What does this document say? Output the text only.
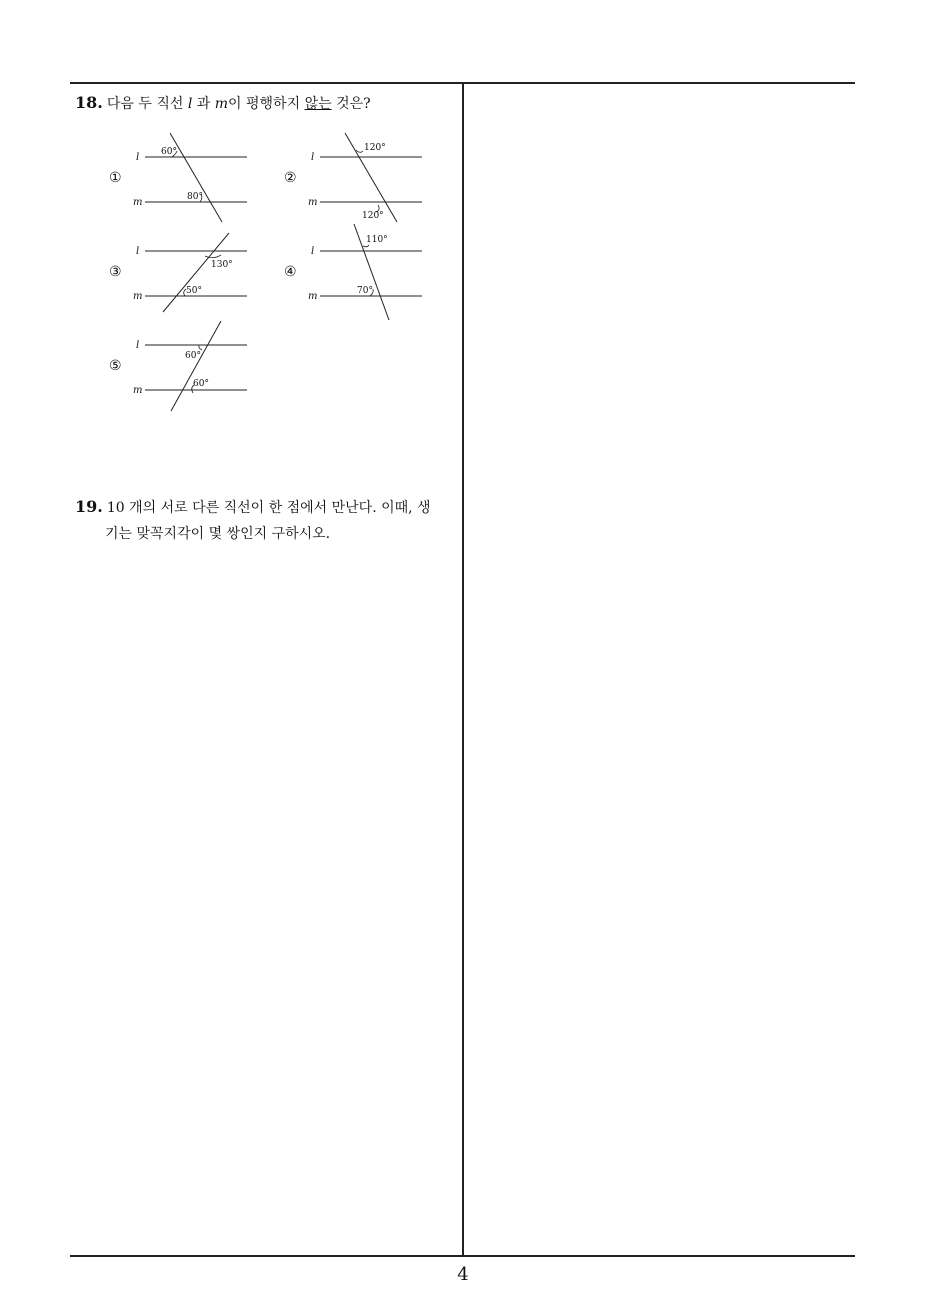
18. 다음 두 직선 l 과 m이 평행하지 않는 것은?
①
l
m
60°
80°
②
l
m
120°
120°
③
l
m
130°
50°
④
l
m
110°
70°
⑤
l
m
60°
60°
19. 10 개의 서로 다른 직선이 한 점에서 만난다. 이때, 생
기는 맞꼭지각이 몇 쌍인지 구하시오.
4
